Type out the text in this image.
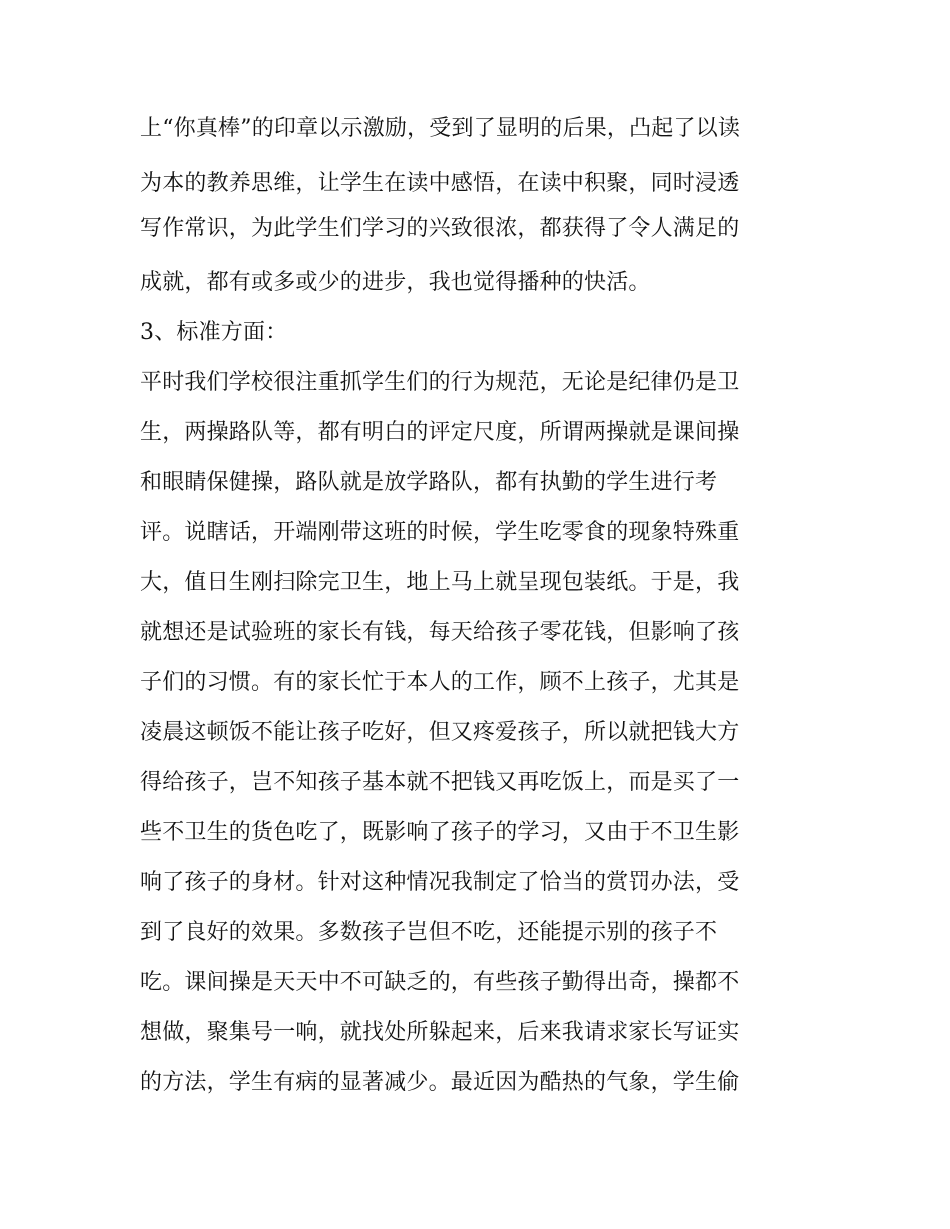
上“你真棒”的印章以示激励，受到了显明的后果，凸起了以读
为本的教养思维，让学生在读中感悟，在读中积聚，同时浸透
写作常识，为此学生们学习的兴致很浓，都获得了令人满足的
成就，都有或多或少的进步，我也觉得播种的快活。
3、标准方面：
平时我们学校很注重抓学生们的行为规范，无论是纪律仍是卫
生，两操路队等，都有明白的评定尺度，所谓两操就是课间操
和眼睛保健操，路队就是放学路队，都有执勤的学生进行考
评。说瞎话，开端刚带这班的时候，学生吃零食的现象特殊重
大，值日生刚扫除完卫生，地上马上就呈现包装纸。于是，我
就想还是试验班的家长有钱，每天给孩子零花钱，但影响了孩
子们的习惯。有的家长忙于本人的工作，顾不上孩子，尤其是
凌晨这顿饭不能让孩子吃好，但又疼爱孩子，所以就把钱大方
得给孩子，岂不知孩子基本就不把钱又再吃饭上，而是买了一
些不卫生的货色吃了，既影响了孩子的学习，又由于不卫生影
响了孩子的身材。针对这种情况我制定了恰当的赏罚办法，受
到了良好的效果。多数孩子岂但不吃，还能提示别的孩子不
吃。课间操是天天中不可缺乏的，有些孩子勤得出奇，操都不
想做，聚集号一响，就找处所躲起来，后来我请求家长写证实
的方法，学生有病的显著减少。最近因为酷热的气象，学生偷
